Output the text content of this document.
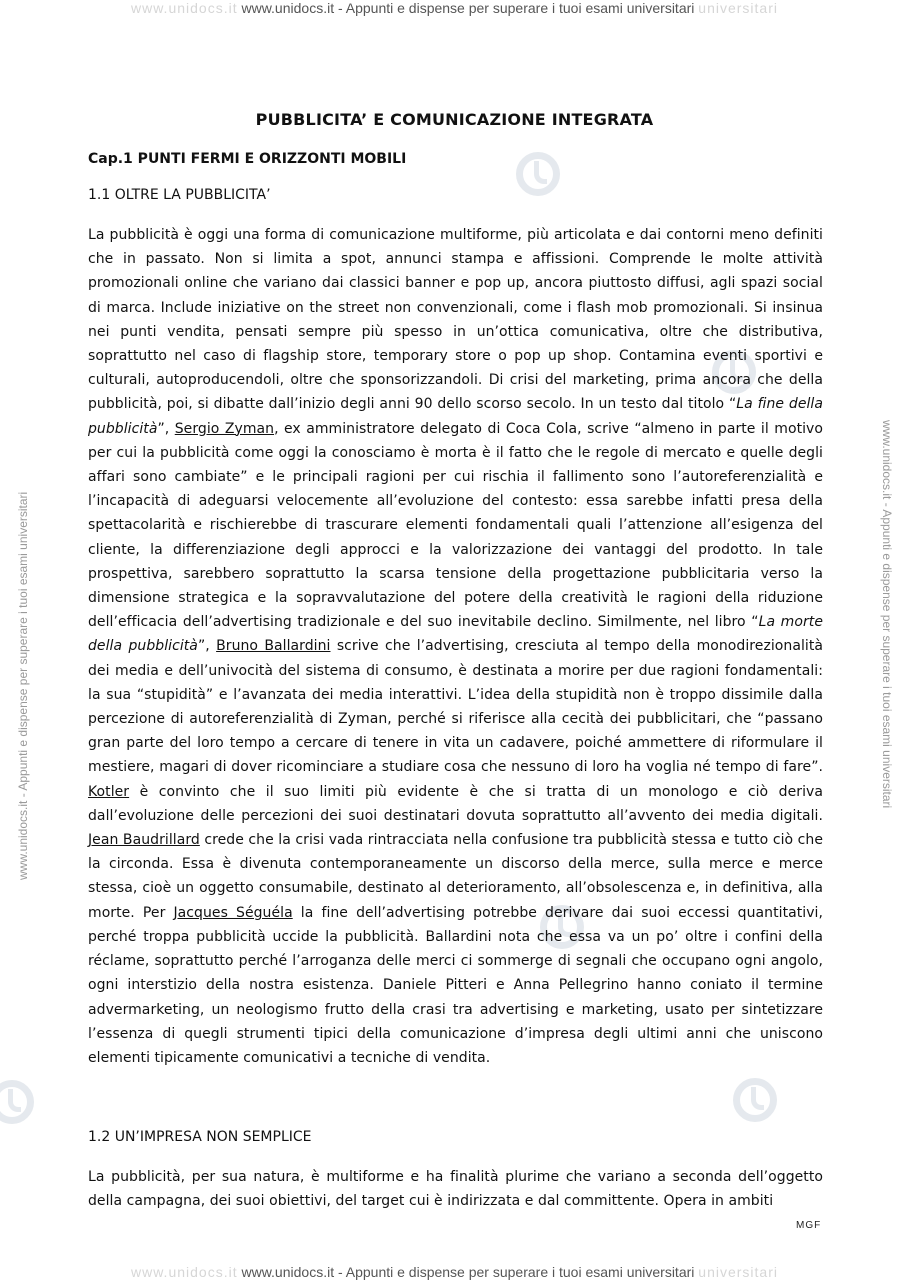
www.unidocs.it www.unidocs.it - Appunti e dispense per superare i tuoi esami universitari universitari
www.unidocs.it - Appunti e dispense per superare i tuoi esami universitari	www.unidocs.it - Appunti e dispense per superare i tuoi esami universitari
PUBBLICITA’ E COMUNICAZIONE INTEGRATA
Cap.1 PUNTI FERMI E ORIZZONTI MOBILI
1.1 OLTRE LA PUBBLICITA’
La pubblicità è oggi una forma di comunicazione multiforme, più articolata e dai contorni meno definiti che in passato. Non si limita a spot, annunci stampa e affissioni. Comprende le molte attività promozionali online che variano dai classici banner e pop up, ancora piuttosto diffusi, agli spazi social di marca. Include iniziative on the street non convenzionali, come i flash mob promozionali. Si insinua nei punti vendita, pensati sempre più spesso in un’ottica comunicativa, oltre che distributiva, soprattutto nel caso di flagship store, temporary store o pop up shop. Contamina eventi sportivi e culturali, autoproducendoli, oltre che sponsorizzandoli. Di crisi del marketing, prima ancora che della pubblicità, poi, si dibatte dall’inizio degli anni 90 dello scorso secolo. In un testo dal titolo “La fine della pubblicità”, Sergio Zyman, ex amministratore delegato di Coca Cola, scrive “almeno in parte il motivo per cui la pubblicità come oggi la conosciamo è morta è il fatto che le regole di mercato e quelle degli affari sono cambiate” e le principali ragioni per cui rischia il fallimento sono l’autoreferenzialità e l’incapacità di adeguarsi velocemente all’evoluzione del contesto: essa sarebbe infatti presa della spettacolarità e rischierebbe di trascurare elementi fondamentali quali l’attenzione all’esigenza del cliente, la differenziazione degli approcci e la valorizzazione dei vantaggi del prodotto. In tale prospettiva, sarebbero soprattutto la scarsa tensione della progettazione pubblicitaria verso la dimensione strategica e la sopravvalutazione del potere della creatività le ragioni della riduzione dell’efficacia dell’advertising tradizionale e del suo inevitabile declino. Similmente, nel libro “La morte della pubblicità”, Bruno Ballardini scrive che l’advertising, cresciuta al tempo della monodirezionalità dei media e dell’univocità del sistema di consumo, è destinata a morire per due ragioni fondamentali: la sua “stupidità” e l’avanzata dei media interattivi. L’idea della stupidità non è troppo dissimile dalla percezione di autoreferenzialità di Zyman, perché si riferisce alla cecità dei pubblicitari, che “passano gran parte del loro tempo a cercare di tenere in vita un cadavere, poiché ammettere di riformulare il mestiere, magari di dover ricominciare a studiare cosa che nessuno di loro ha voglia né tempo di fare”. Kotler è convinto che il suo limiti più evidente è che si tratta di un monologo e ciò deriva dall’evoluzione delle percezioni dei suoi destinatari dovuta soprattutto all’avvento dei media digitali. Jean Baudrillard crede che la crisi vada rintracciata nella confusione tra pubblicità stessa e tutto ciò che la circonda. Essa è divenuta contemporaneamente un discorso della merce, sulla merce e merce stessa, cioè un oggetto consumabile, destinato al deterioramento, all’obsolescenza e, in definitiva, alla morte. Per Jacques Séguéla la fine dell’advertising potrebbe derivare dai suoi eccessi quantitativi, perché troppa pubblicità uccide la pubblicità. Ballardini nota che essa va un po’ oltre i confini della réclame, soprattutto perché l’arroganza delle merci ci sommerge di segnali che occupano ogni angolo, ogni interstizio della nostra esistenza. Daniele Pitteri e Anna Pellegrino hanno coniato il termine advermarketing, un neologismo frutto della crasi tra advertising e marketing, usato per sintetizzare l’essenza di quegli strumenti tipici della comunicazione d’impresa degli ultimi anni che uniscono elementi tipicamente comunicativi a tecniche di vendita.
1.2 UN’IMPRESA NON SEMPLICE
La pubblicità, per sua natura, è multiforme e ha finalità plurime che variano a seconda dell’oggetto della campagna, dei suoi obiettivi, del target cui è indirizzata e dal committente. Opera in ambiti
MGF
www.unidocs.it www.unidocs.it - Appunti e dispense per superare i tuoi esami universitari universitari
